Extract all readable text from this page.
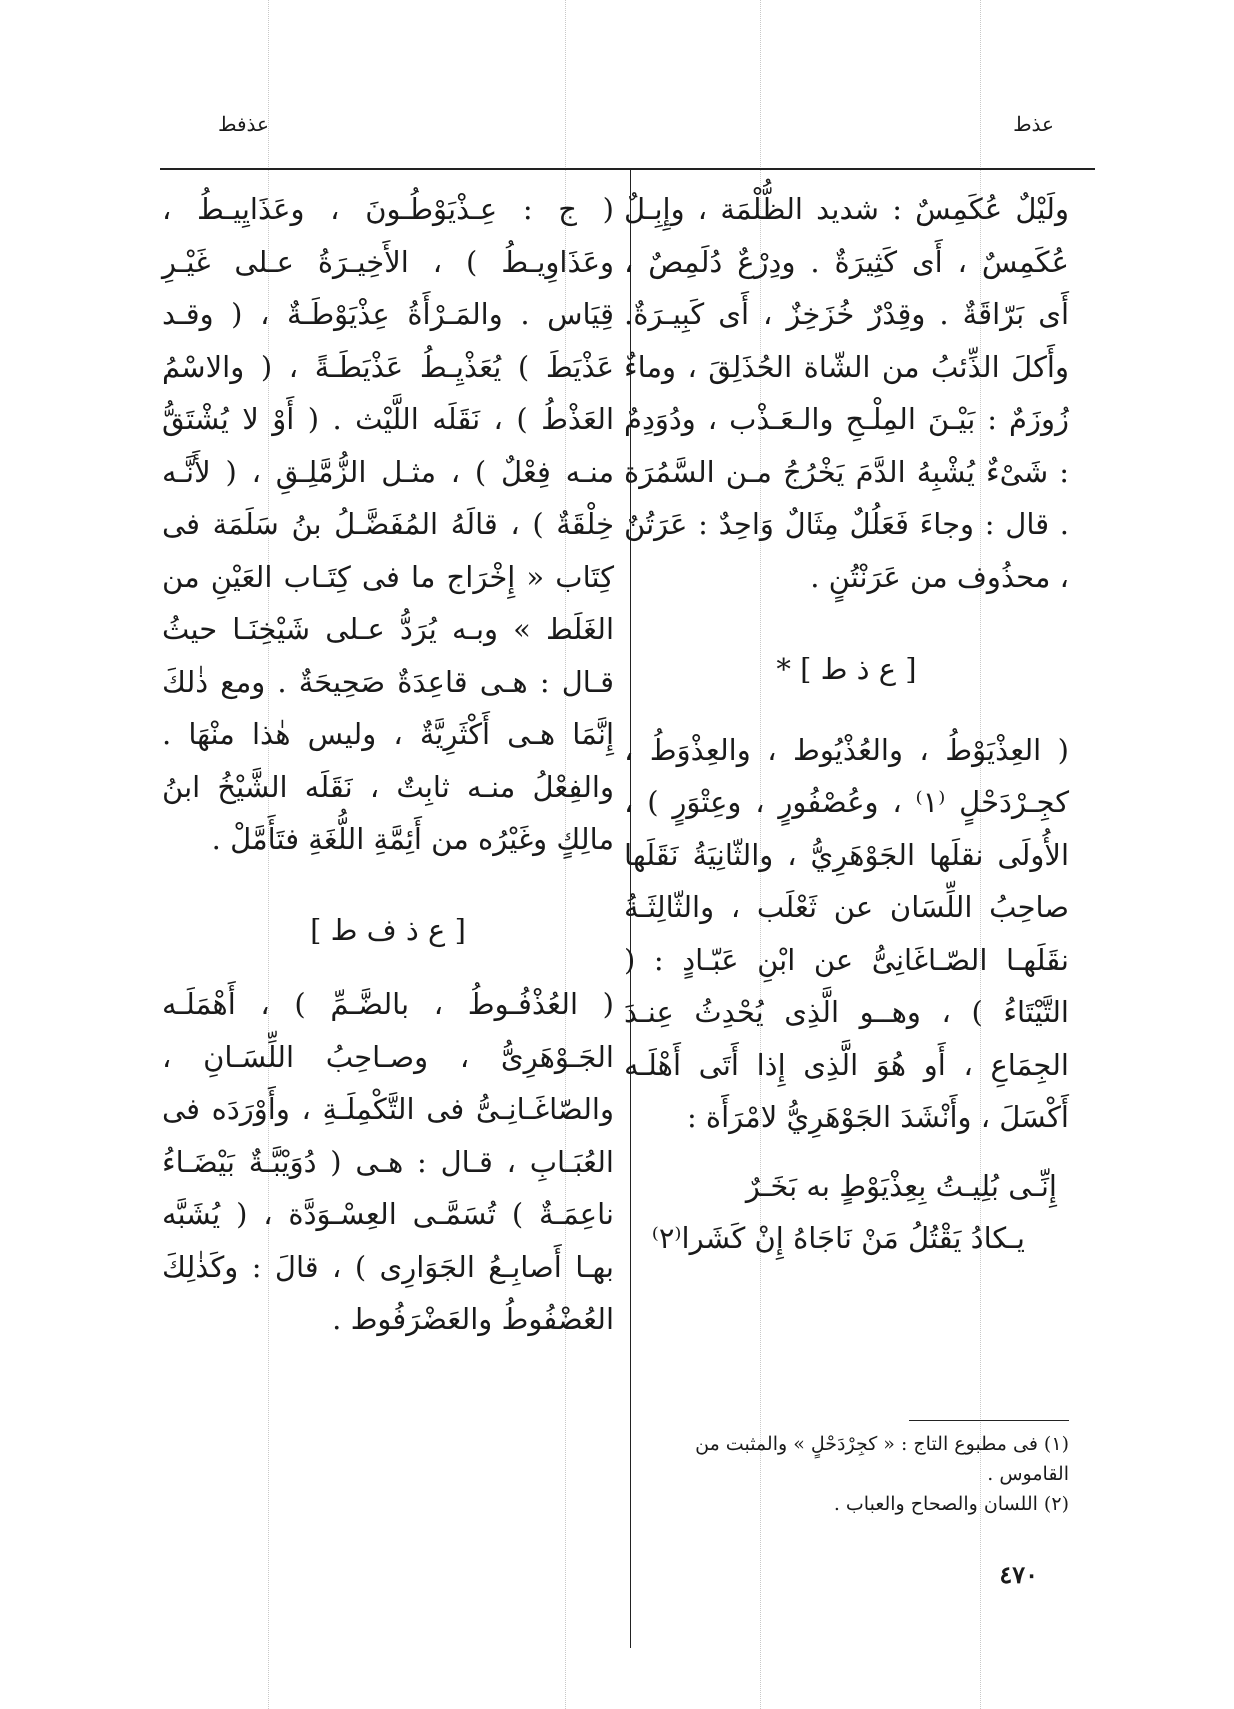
عذط
عذفط

ولَيْلٌ عُكَمِسٌ : شديد الظُّلْمَة ، وإِبِـلٌ عُكَمِسٌ ، أَى كَثِيرَةٌ . ودِرْعٌ دُلَمِصٌ ، أَى بَرّاقَةٌ . وقِدْرٌ خُزَخِزٌ ، أَى كَبِيـرَةٌ. وأَكلَ الذِّئبُ من الشّاة الحُذَلِقَ ، وماءٌ زُوزَمٌ : بَيْـنَ المِلْـحِ والـعَـذْب ، ودُوَدِمٌ : شَىْءٌ يُشْبِهُ الدَّمَ يَخْرُجُ مـن السَّمُرَة . قال : وجاءَ فَعَلُلٌ مِثَالٌ وَاحِدٌ : عَرَتُنٌ ، محذُوف من عَرَنْتُنٍ .

[ ع ذ ط ] *

( العِذْيَوْطُ ، والعُذْيُوط ، والعِذْوَطُ ، كجِـرْدَحْلٍ ⁽١⁾ ، وعُصْفُورٍ ، وعِتْوَرٍ ) ، الأُولَى نقلَها الجَوْهَرِيُّ ، والثّانِيَةُ نَقَلَها صاحِبُ اللِّسَان عن ثَعْلَب ، والثّالِثَـةُ نقَلَهـا الصّـاغَانِىُّ عن ابْنِ عَبّـادٍ : ( التَّيْتَاءُ ) ، وهــو الَّذِى يُحْدِثُ عِنـدَ الجِمَاعِ ، أَو هُوَ الَّذِى إِذا أَتَى أَهْلَـه أَكْسَلَ ، وأَنْشَدَ الجَوْهَرِيُّ لامْرَأَة :

إِنِّـى بُلِيـتُ بِعِذْيَوْطٍ به بَخَـرٌ

يـكادُ يَقْتُلُ مَنْ نَاجَاهُ إِنْ كَشَرا⁽٢⁾

( ج : عِـذْيَوْطُـونَ ، وعَذَايِيـطُ ، وعَذَاوِيـطُ ) ، الأَخِيـرَةُ عـلى غَيْـرِ قِيَاس . والمَـرْأَةُ عِذْيَوْطَـةٌ ، ( وقـد عَذْيَطَ ) يُعَذْيِـطُ عَذْيَطَـةً ، ( والاسْمُ العَذْطُ ) ، نَقَلَه اللَّيْث . ( أَوْ لا يُشْتَقُّ منـه فِعْلٌ ) ، مثـل الزُّمَّلِـقِ ، ( لأَنَّـه خِلْقَةٌ ) ، قالَهُ المُفَضَّـلُ بنُ سَلَمَة فى كِتَاب « إِخْرَاج ما فى كِتَـاب العَيْنِ من الغَلَط » وبـه يُرَدُّ عـلى شَيْخِنَـا حيثُ قـال : هـى قاعِدَةٌ صَحِيحَةٌ . ومع ذٰلكَ إِنَّمَا هـى أَكْثَرِيَّةٌ ، وليس هٰذا منْهَا . والفِعْلُ منـه ثابِتٌ ، نَقَلَه الشَّيْخُ ابنُ مالِكٍ وغَيْرُه من أَئِمَّةِ اللُّغَةِ فتَأَمَّلْ .

[ ع ذ ف ط ]

( العُذْفُـوطُ ، بالضَّـمِّ ) ، أَهْمَلَـه الجَـوْهَرِىُّ ، وصـاحِبُ اللِّسَـانِ ، والصّاغَـانِـىُّ فى التَّكْمِلَـةِ ، وأَوْرَدَه فى العُبَـابِ ، قـال : هـى ( دُوَيْبَّـةٌ بَيْضَـاءُ ناعِمَـةٌ ) تُسَمَّـى العِسْـوَدَّة ، ( يُشَبَّه بهـا أَصابِـعُ الجَوَارِى ) ، قالَ : وكَذٰلِكَ العُضْفُوطُ والعَضْرَفُوط .

(١) فى مطبوع التاج : « كجِرْدَحْلٍ » والمثبت من القاموس .

(٢) اللسان والصحاح والعباب .

٤٧٠
